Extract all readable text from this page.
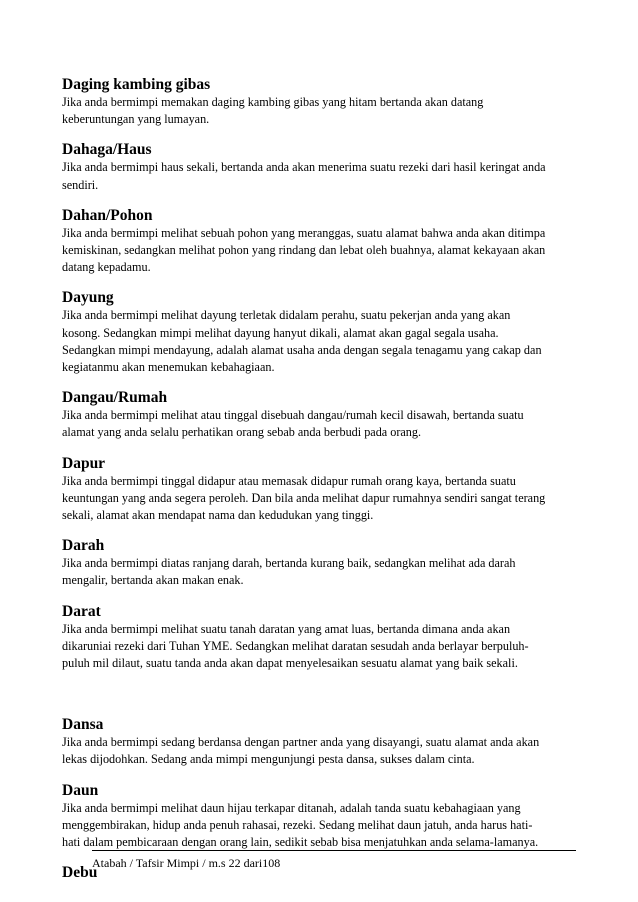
Daging kambing gibas
Jika anda bermimpi memakan daging kambing gibas yang hitam bertanda akan datang
keberuntungan yang lumayan.
Dahaga/Haus
Jika anda bermimpi haus sekali, bertanda anda akan menerima suatu rezeki dari hasil keringat anda
sendiri.
Dahan/Pohon
Jika anda bermimpi melihat sebuah pohon yang meranggas, suatu alamat bahwa anda akan ditimpa
kemiskinan, sedangkan melihat pohon yang rindang dan lebat oleh buahnya, alamat kekayaan akan
datang kepadamu.
Dayung
Jika anda bermimpi melihat dayung terletak didalam perahu, suatu pekerjan anda yang akan
kosong. Sedangkan mimpi melihat dayung hanyut dikali, alamat akan gagal segala usaha.
Sedangkan mimpi mendayung, adalah alamat usaha anda dengan segala tenagamu yang cakap dan
kegiatanmu akan menemukan kebahagiaan.
Dangau/Rumah
Jika anda bermimpi melihat atau tinggal disebuah dangau/rumah kecil disawah, bertanda suatu
alamat yang anda selalu perhatikan orang sebab anda berbudi pada orang.
Dapur
Jika anda bermimpi tinggal didapur atau memasak didapur rumah orang kaya, bertanda suatu
keuntungan yang anda segera peroleh. Dan bila anda melihat dapur rumahnya sendiri sangat terang
sekali, alamat akan mendapat nama dan kedudukan yang tinggi.
Darah
Jika anda bermimpi diatas ranjang darah, bertanda kurang baik, sedangkan melihat ada darah
mengalir, bertanda akan makan enak.
Darat
Jika anda bermimpi melihat suatu tanah daratan yang amat luas, bertanda dimana anda akan
dikaruniai rezeki dari Tuhan YME. Sedangkan melihat daratan sesudah anda berlayar berpuluh-
puluh mil dilaut, suatu tanda anda akan dapat menyelesaikan sesuatu alamat yang baik sekali.
Dansa
Jika anda bermimpi sedang berdansa dengan partner anda yang disayangi, suatu alamat anda akan
lekas dijodohkan. Sedang anda mimpi mengunjungi pesta dansa, sukses dalam cinta.
Daun
Jika anda bermimpi melihat daun hijau terkapar ditanah, adalah tanda suatu kebahagiaan yang
menggembirakan, hidup anda penuh rahasai, rezeki. Sedang melihat daun jatuh, anda harus hati-
hati dalam pembicaraan dengan orang lain, sedikit sebab bisa menjatuhkan anda selama-lamanya.
Debu
Atabah / Tafsir Mimpi / m.s 22 dari108
